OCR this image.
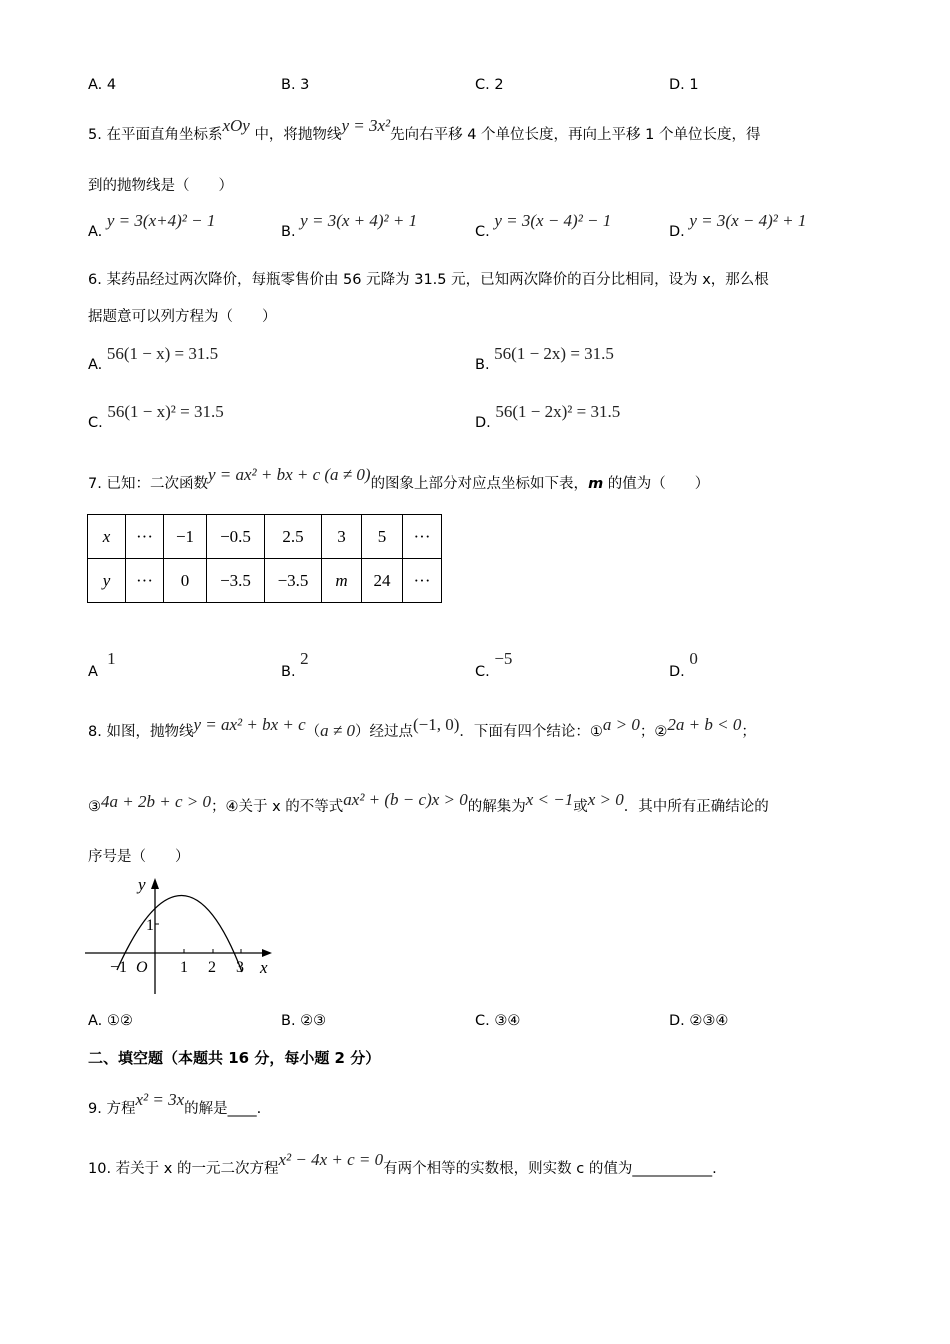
A. 4	B. 3	C. 2	D. 1
5. 在平面直角坐标系xOy 中，将抛物线y = 3x²先向右平移 4 个单位长度，再向上平移 1 个单位长度，得
到的抛物线是（　　）
A. y = 3(x+4)² − 1
B. y = 3(x + 4)² + 1
C. y = 3(x − 4)² − 1
D. y = 3(x − 4)² + 1
6. 某药品经过两次降价，每瓶零售价由 56 元降为 31.5 元，已知两次降价的百分比相同，设为 x，那么根
据题意可以列方程为（　　）
A. 56(1 − x) = 31.5
B. 56(1 − 2x) = 31.5
C. 56(1 − x)² = 31.5
D. 56(1 − 2x)² = 31.5
7. 已知：二次函数y = ax² + bx + c (a ≠ 0)的图象上部分对应点坐标如下表，m 的值为（　　）
x	···	−1	−0.5	2.5	3	5	···
y	···	0	−3.5	−3.5	m	24	···
A  1
B. 2
C. −5
D. 0
8. 如图，抛物线y = ax² + bx + c（a ≠ 0）经过点(−1, 0)．下面有四个结论：①a > 0；②2a + b < 0；
③4a + 2b + c > 0；④关于 x 的不等式ax² + (b − c)x > 0的解集为x < −1或x > 0．其中所有正确结论的
序号是（　　）
y
x
O
−1	1 2 3
1
A. ①②	B. ②③	C. ③④	D. ②③④
二、填空题（本题共 16 分，每小题 2 分）
9. 方程x² = 3x的解是____.
10. 若关于 x 的一元二次方程x² − 4x + c = 0有两个相等的实数根，则实数 c 的值为___________.
